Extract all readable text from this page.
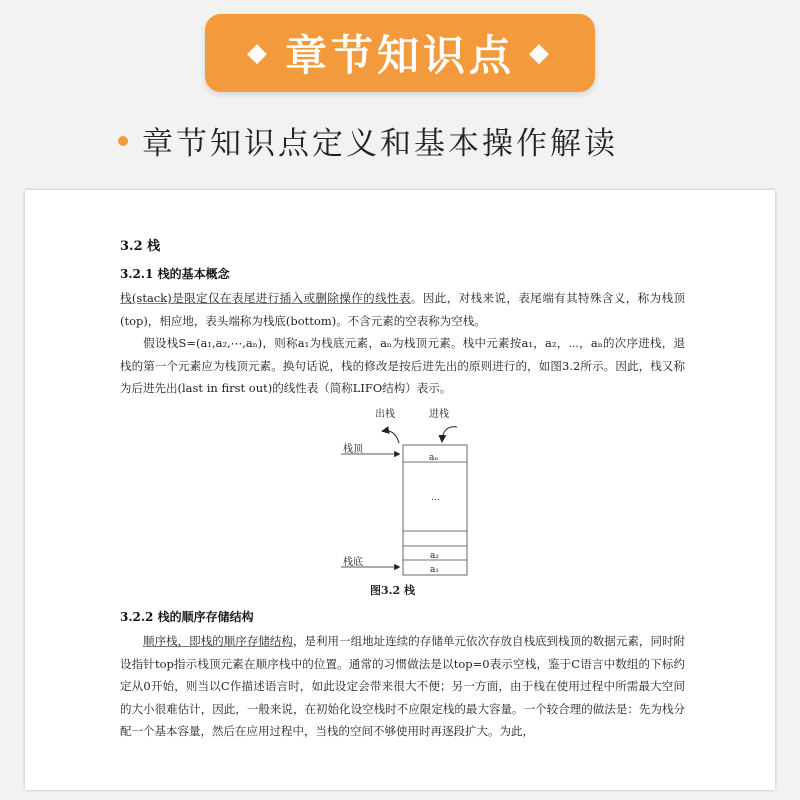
◆ 章节知识点 ◆
章节知识点定义和基本操作解读
3.2 栈
3.2.1 栈的基本概念
栈(stack)是限定仅在表尾进行插入或删除操作的线性表。因此，对栈来说，表尾端有其特殊含义，称为栈顶(top)，相应地，表头端称为栈底(bottom)。不含元素的空表称为空栈。
假设栈S=(a₁,a₂,⋯,aₙ)，则称a₁为栈底元素，aₙ为栈顶元素。栈中元素按a₁，a₂，⋯，aₙ的次序进栈，退栈的第一个元素应为栈顶元素。换句话说，栈的修改是按后进先出的原则进行的，如图3.2所示。因此，栈又称为后进先出(last in first out)的线性表（简称LIFO结构）表示。
出栈	进栈
aₙ
…
a₂
a₁
栈顶
栈底
图3.2 栈
3.2.2 栈的顺序存储结构
顺序栈，即栈的顺序存储结构，是利用一组地址连续的存储单元依次存放自栈底到栈顶的数据元素，同时附设指针top指示栈顶元素在顺序栈中的位置。通常的习惯做法是以top=0表示空栈，鉴于C语言中数组的下标约定从0开始，则当以C作描述语言时，如此设定会带来很大不便；另一方面，由于栈在使用过程中所需最大空间的大小很难估计，因此，一般来说，在初始化设空栈时不应限定栈的最大容量。一个较合理的做法是：先为栈分配一个基本容量，然后在应用过程中，当栈的空间不够使用时再逐段扩大。为此，
